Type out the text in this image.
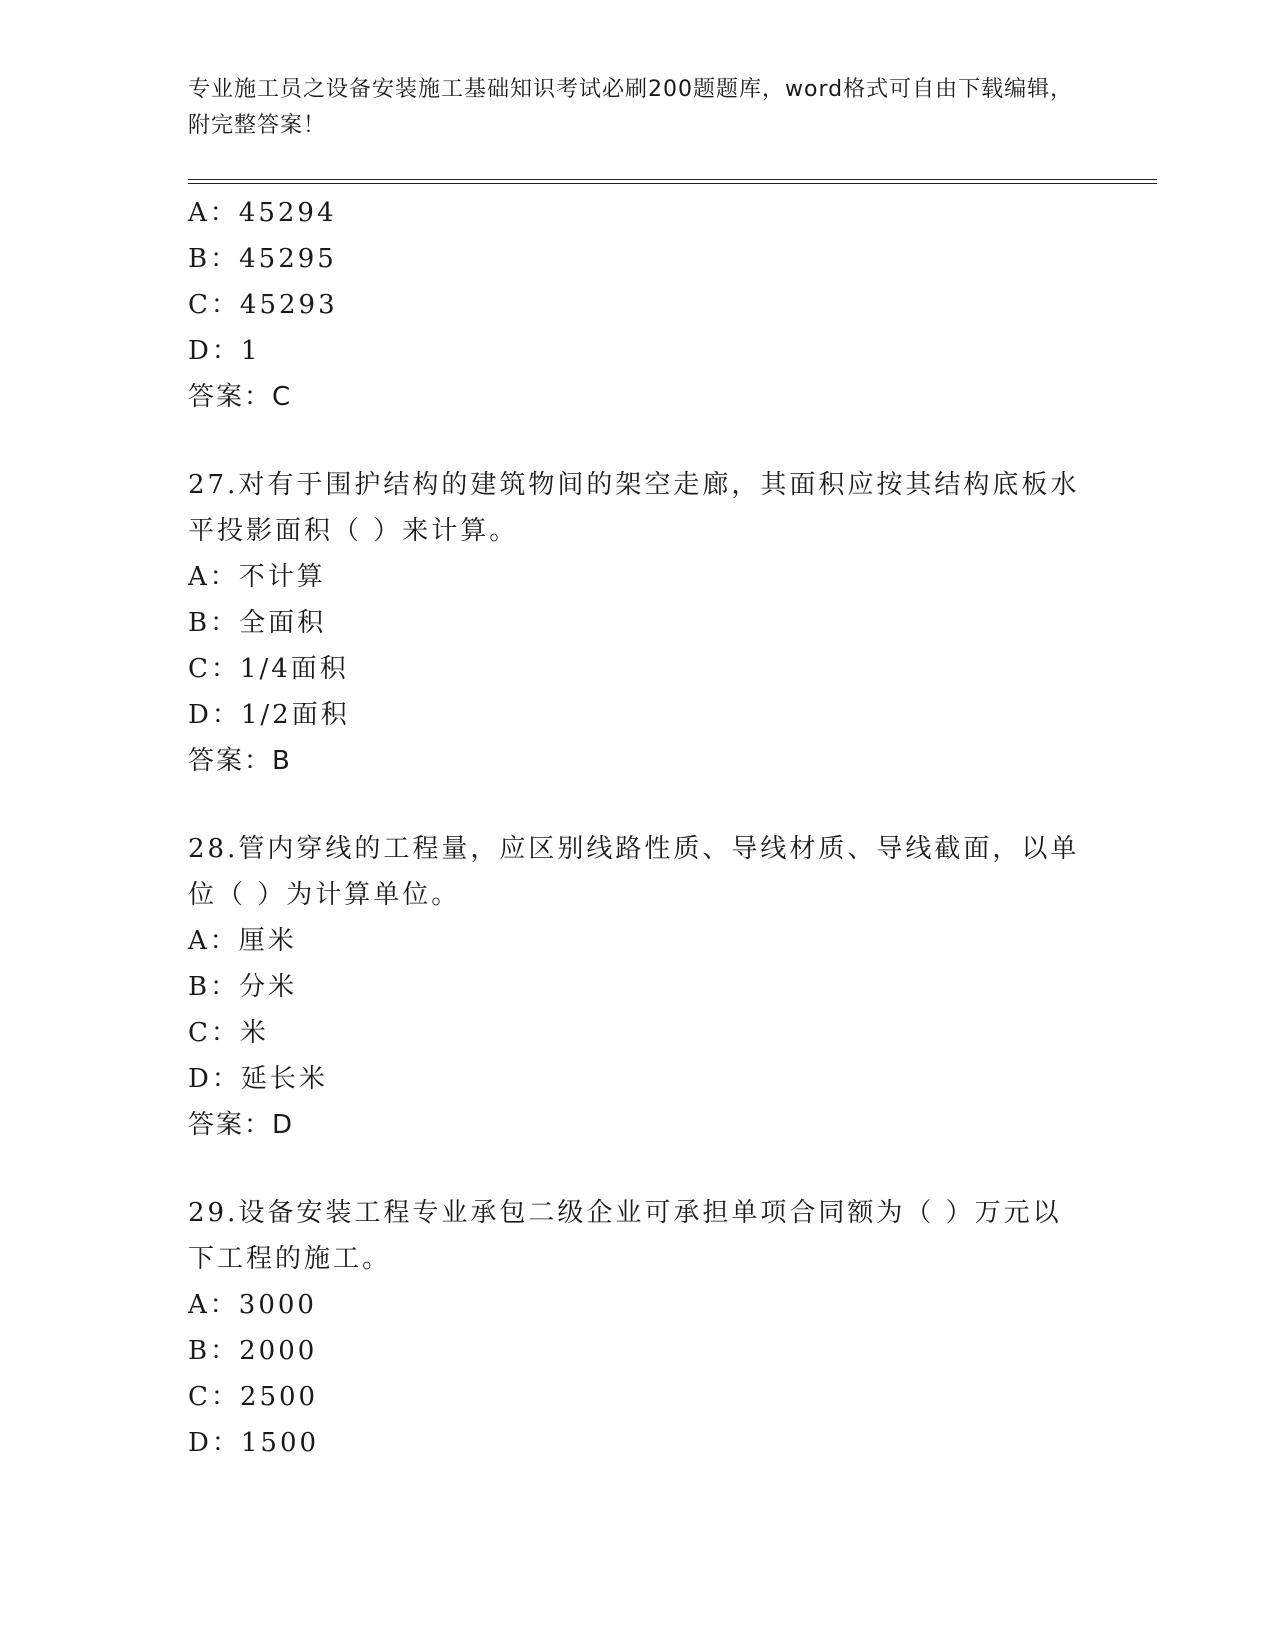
专业施工员之设备安装施工基础知识考试必刷200题题库，word格式可自由下载编辑，附完整答案！
A：45294
B：45295
C：45293
D：1
答案：C
27.对有于围护结构的建筑物间的架空走廊，其面积应按其结构底板水平投影面积（ ）来计算。
A：不计算
B：全面积
C：1/4面积
D：1/2面积
答案：B
28.管内穿线的工程量，应区别线路性质、导线材质、导线截面，以单位（ ）为计算单位。
A：厘米
B：分米
C：米
D：延长米
答案：D
29.设备安装工程专业承包二级企业可承担单项合同额为（ ）万元以下工程的施工。
A：3000
B：2000
C：2500
D：1500
